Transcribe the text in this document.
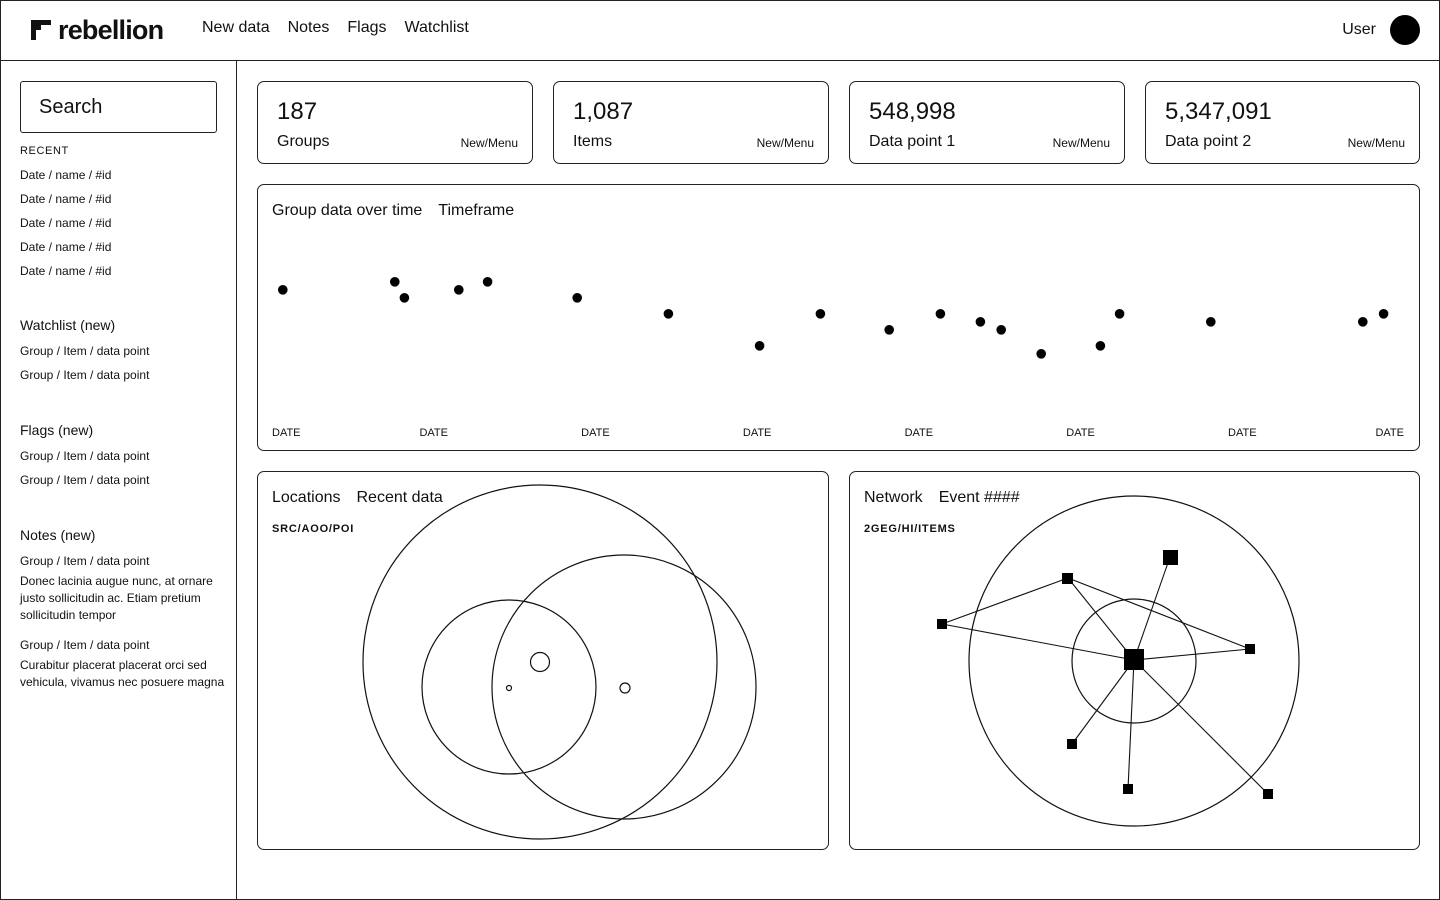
rebellion New data Notes Flags Watchlist	User
Search
RECENT
Date / name / #id
Date / name / #id
Date / name / #id
Date / name / #id
Date / name / #id
Watchlist (new)
Group / Item / data point
Group / Item / data point
Flags (new)
Group / Item / data point
Group / Item / data point
Notes (new)
Group / Item / data point

Donec lacinia augue nunc, at ornare justo sollicitudin ac. Etiam pretium sollicitudin tempor

Group / Item / data point

Curabitur placerat placerat orci sed vehicula, vivamus nec posuere magna

187
Groups	New/Menu
1,087
Items	New/Menu
548,998
Data point 1	New/Menu
5,347,091
Data point 2	New/Menu
Group data over time Timeframe
DATE	DATE	DATE	DATE	DATE	DATE	DATE	DATE
Locations Recent data
SRC/AOO/POI
Network Event ####
2GEG/HI/ITEMS
